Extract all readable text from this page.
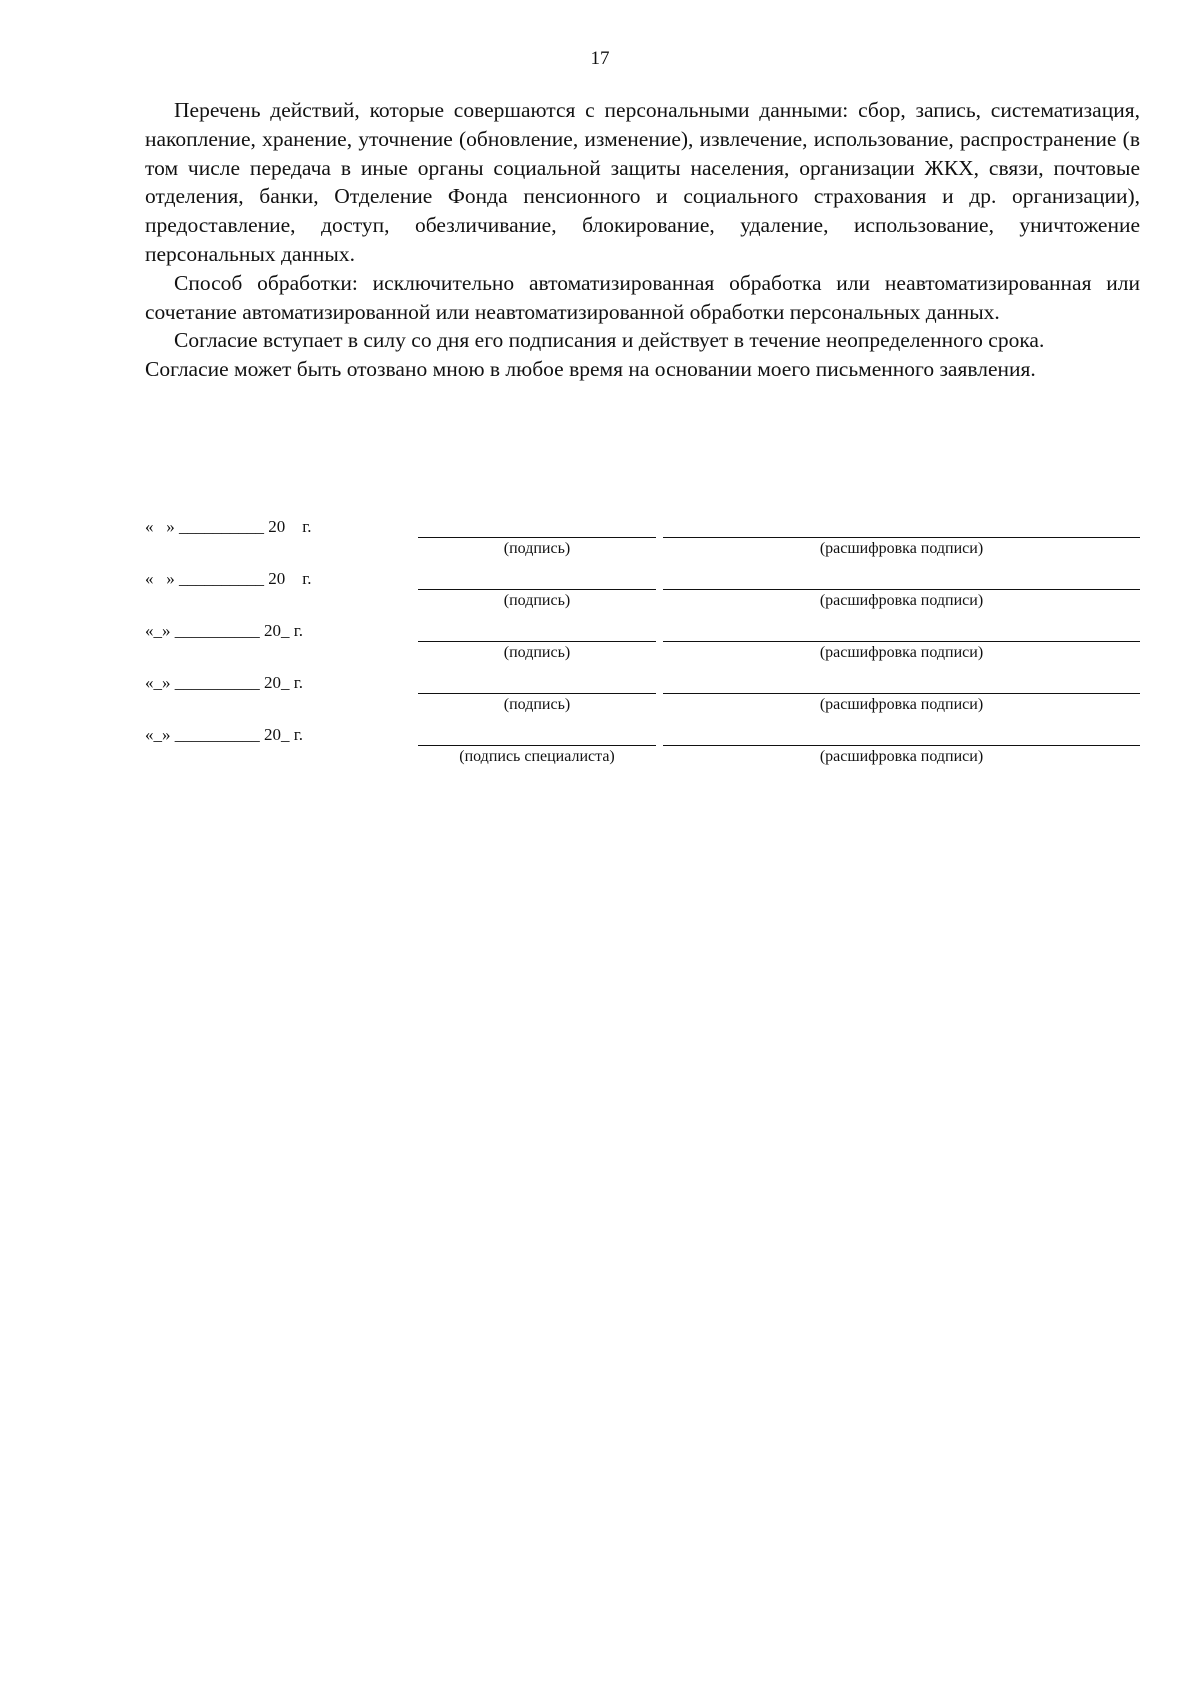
17

Перечень действий, которые совершаются с персональными данными: сбор, запись, систематизация, накопление, хранение, уточнение (обновление, изменение), извлечение, использование, распространение (в том числе передача в иные органы социальной защиты населения, организации ЖКХ, связи, почтовые отделения, банки, Отделение Фонда пенсионного и социального страхования и др. организации), предоставление, доступ, обезличивание, блокирование, удаление, использование, уничтожение персональных данных.

Способ обработки: исключительно автоматизированная обработка или неавтоматизированная или сочетание автоматизированной или неавтоматизированной обработки персональных данных.

Согласие вступает в силу со дня его подписания и действует в течение неопределенного срока.

Согласие может быть отозвано мною в любое время на основании моего письменного заявления.

«   » __________ 20    г.
(подпись)	(расшифровка подписи)
«   » __________ 20    г.
(подпись)	(расшифровка подписи)
«_» __________ 20_ г.
(подпись)	(расшифровка подписи)
«_» __________ 20_ г.
(подпись)	(расшифровка подписи)
«_» __________ 20_ г.
(подпись специалиста)	(расшифровка подписи)
